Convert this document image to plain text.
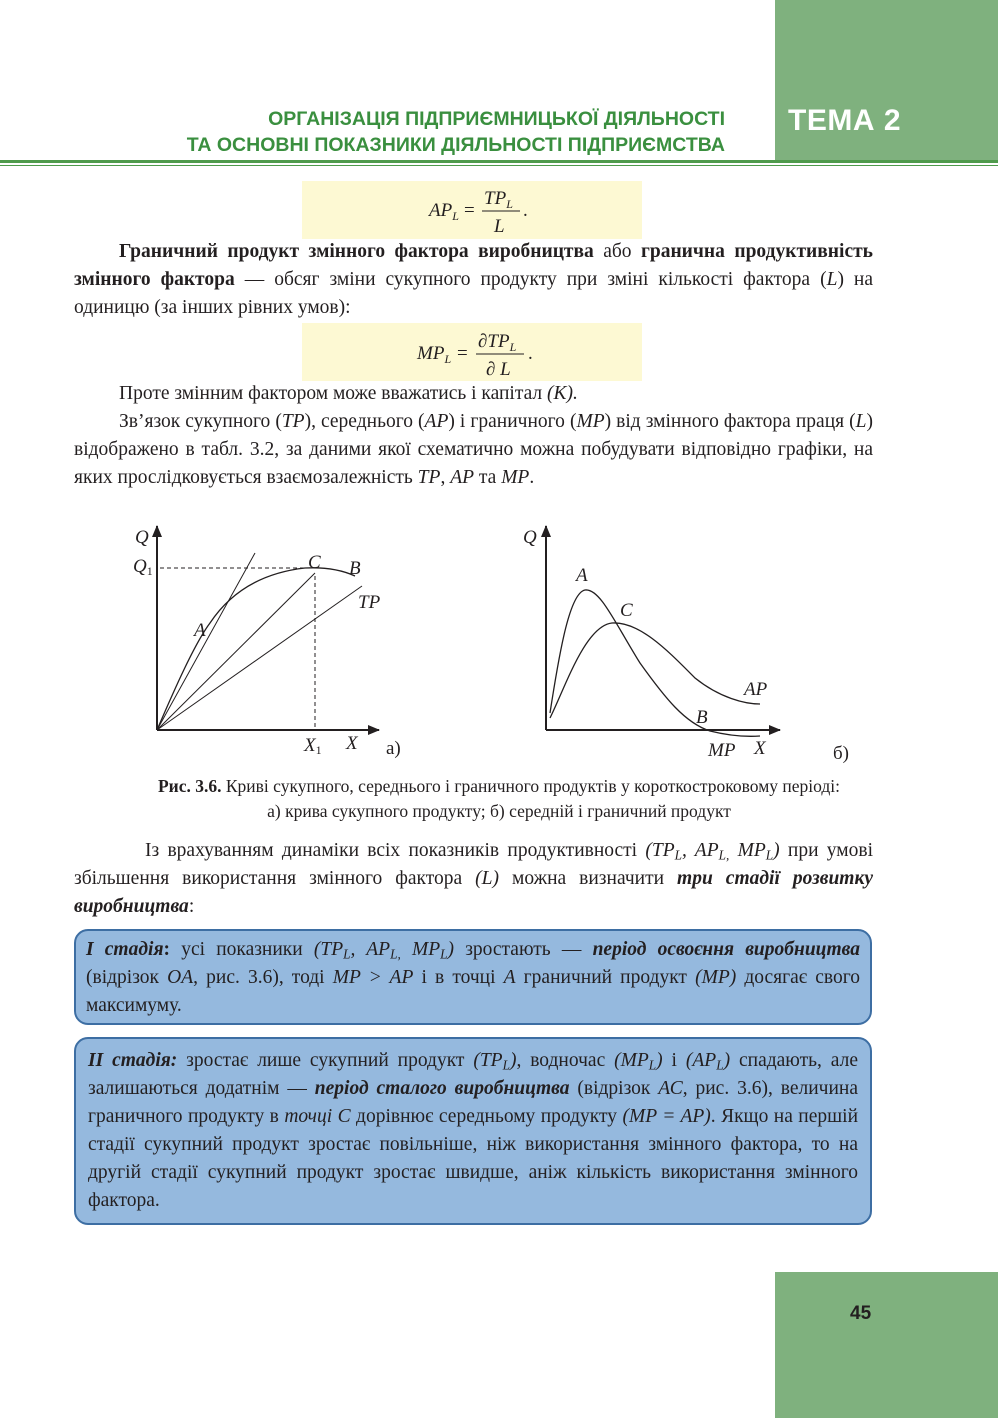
ТЕМА 2
ОРГАНІЗАЦІЯ ПІДПРИЄМНИЦЬКОЇ ДІЯЛЬНОСТІ
ТА ОСНОВНІ ПОКАЗНИКИ ДІЯЛЬНОСТІ ПІДПРИЄМСТВА
$AP_L$ =
$TP_L$
L
.

Граничний продукт змінного фактора виробництва або гранична продуктивність змінного фактора — обсяг зміни сукупного продукту при зміні кількості фактора (L) на одиницю (за інших рівних умов):

$MP_L$ =
$\partial TP_L$
∂ L
.

Проте змінним фактором може вважатись і капітал (К).

Зв’язок сукупного (TP), середнього (AP) і граничного (MP) від змінного фактора праця (L) відображено в табл. 3.2, за даними якої схематично можна побудувати відповідно графіки, на яких прослідковується взаємозалежність TP, AP та MP.

Q
Q1
A
C B
TP
X1 X а)
Q
A
C
AP
B
MP X	б)
Рис. 3.6. Криві сукупного, середнього і граничного продуктів у короткостроковому періоді:
а) крива сукупного продукту; б) середній і граничний продукт

Із врахуванням динаміки всіх показників продуктивності ($TP_L$, $AP_{L,}$ $MP_L$) при умові збільшення використання змінного фактора (L) можна визначити три стадії розвитку виробництва:

І стадія: усі показники ($TP_L$, $AP_{L,}$ $MP_L$) зростають — період освоєння виробництва (відрізок OA, рис. 3.6), тоді MP > AP і в точці А граничний продукт (MP) досягає свого максимуму.

ІІ стадія: зростає лише сукупний продукт $(TP_L)$, водночас $(MP_L)$ і $(AP_L)$ спадають, але залишаються додатнім — період сталого виробництва (відрізок АС, рис. 3.6), величина граничного продукту в точці С дорівнює середньому продукту (MP = AP). Якщо на першій стадії сукупний продукт зростає повільніше, ніж використання змінного фактора, то на другій стадії сукупний продукт зростає швидше, аніж кількість використання змінного фактора.

45
